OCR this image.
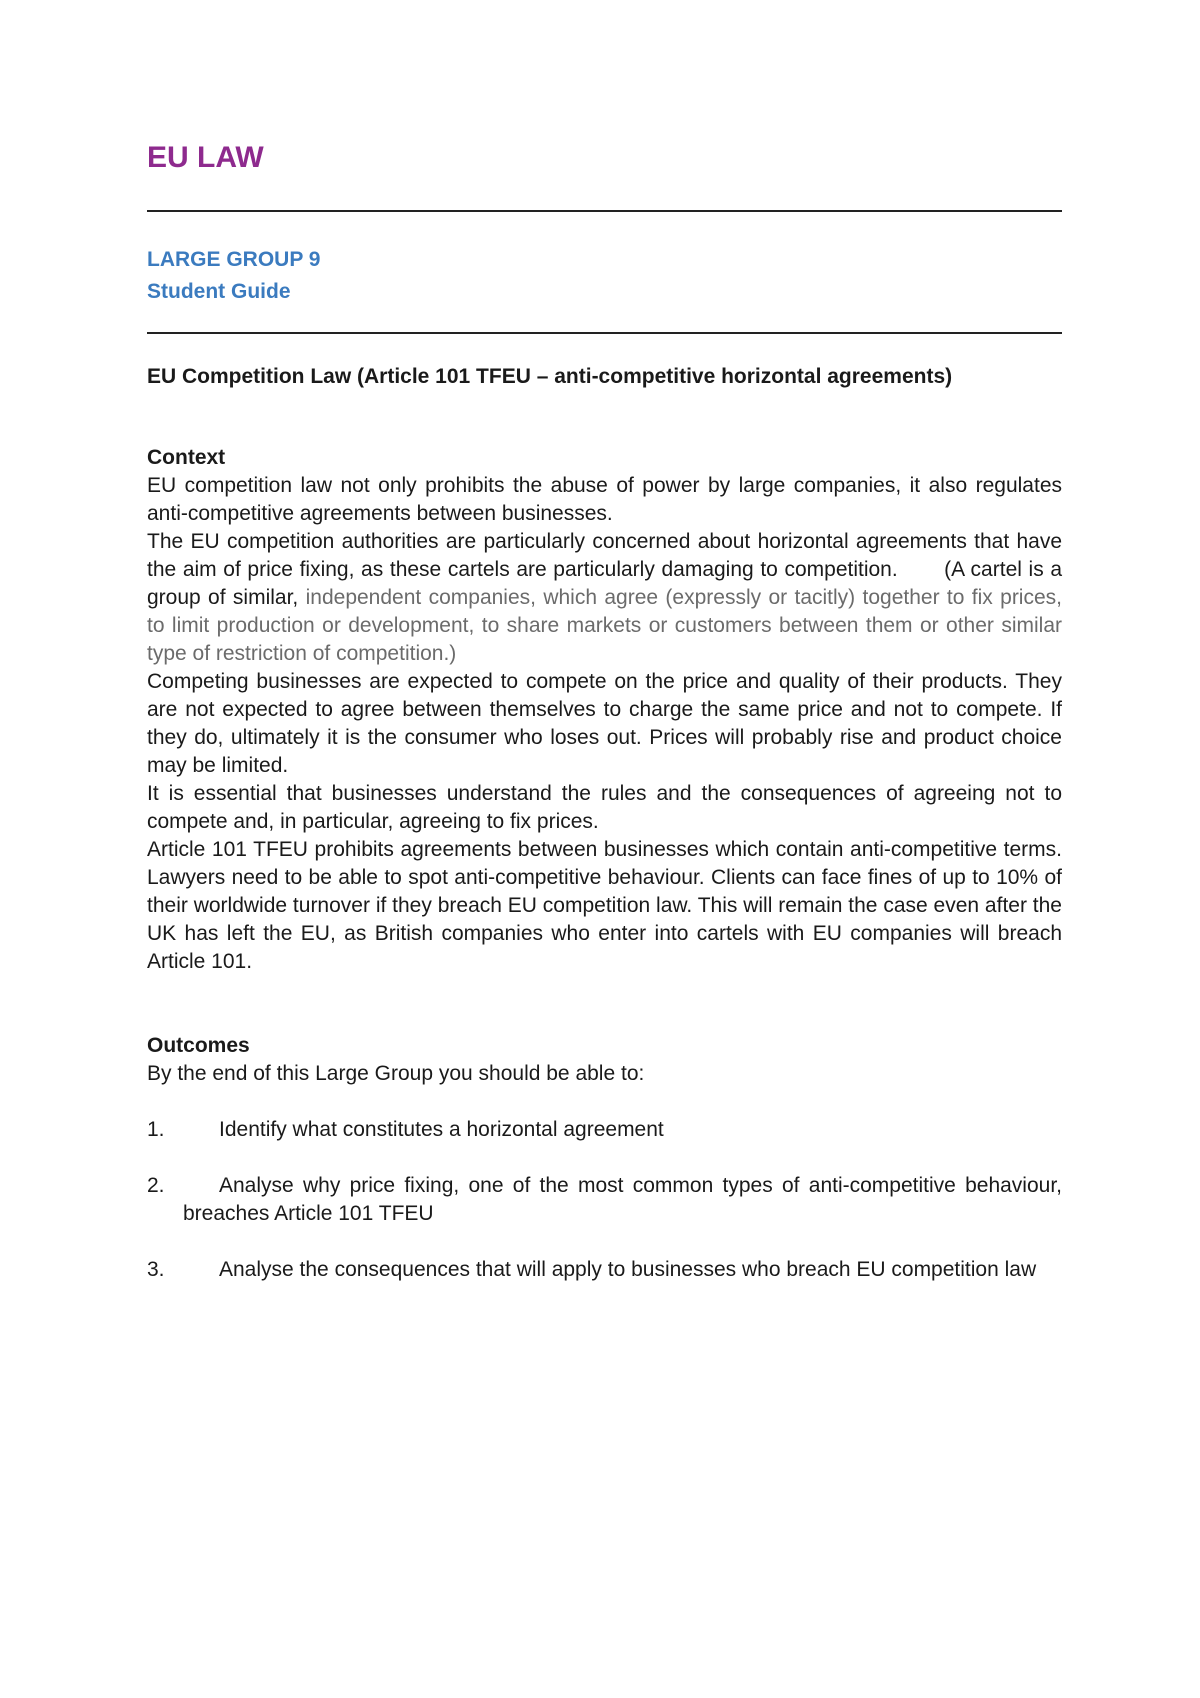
EU LAW
LARGE GROUP 9
Student Guide
EU Competition Law (Article 101 TFEU – anti-competitive horizontal agreements)
Context

EU competition law not only prohibits the abuse of power by large companies, it also regulates anti-competitive agreements between businesses.

The EU competition authorities are particularly concerned about horizontal agreements that have the aim of price fixing, as these cartels are particularly damaging to competition. (A cartel is a group of similar, independent companies, which agree (expressly or tacitly) together to fix prices, to limit production or development, to share markets or customers between them or other similar type of restriction of competition.)

Competing businesses are expected to compete on the price and quality of their products. They are not expected to agree between themselves to charge the same price and not to compete. If they do, ultimately it is the consumer who loses out. Prices will probably rise and product choice may be limited.

It is essential that businesses understand the rules and the consequences of agreeing not to compete and, in particular, agreeing to fix prices.

Article 101 TFEU prohibits agreements between businesses which contain anti-competitive terms. Lawyers need to be able to spot anti-competitive behaviour. Clients can face fines of up to 10% of their worldwide turnover if they breach EU competition law. This will remain the case even after the UK has left the EU, as British companies who enter into cartels with EU companies will breach Article 101.

Outcomes

By the end of this Large Group you should be able to:

1.	Identify what constitutes a horizontal agreement
2.	Analyse why price fixing, one of the most common types of anti-competitive behaviour, breaches Article 101 TFEU
3.	Analyse the consequences that will apply to businesses who breach EU competition law
